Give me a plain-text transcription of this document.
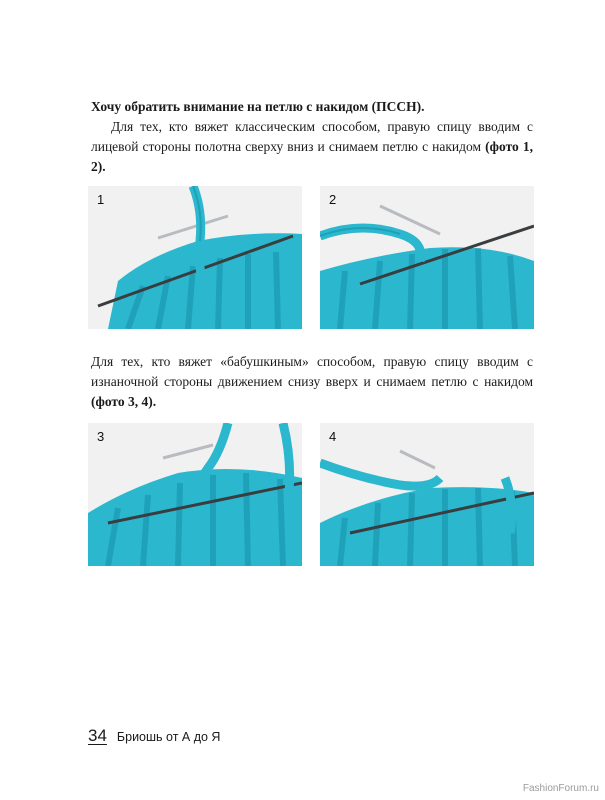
Хочу обратить внимание на петлю с накидом (ПССН).
Для тех, кто вяжет классическим способом, правую спицу вводим с лицевой стороны полотна сверху вниз и снимаем петлю с накидом (фото 1, 2).
1	2
Для тех, кто вяжет «бабушкиным» способом, правую спицу вводим с изнаночной стороны движением снизу вверх и снимаем петлю с накидом (фото 3, 4).
3	4
34 Бриошь от А до Я
FashionForum.ru
